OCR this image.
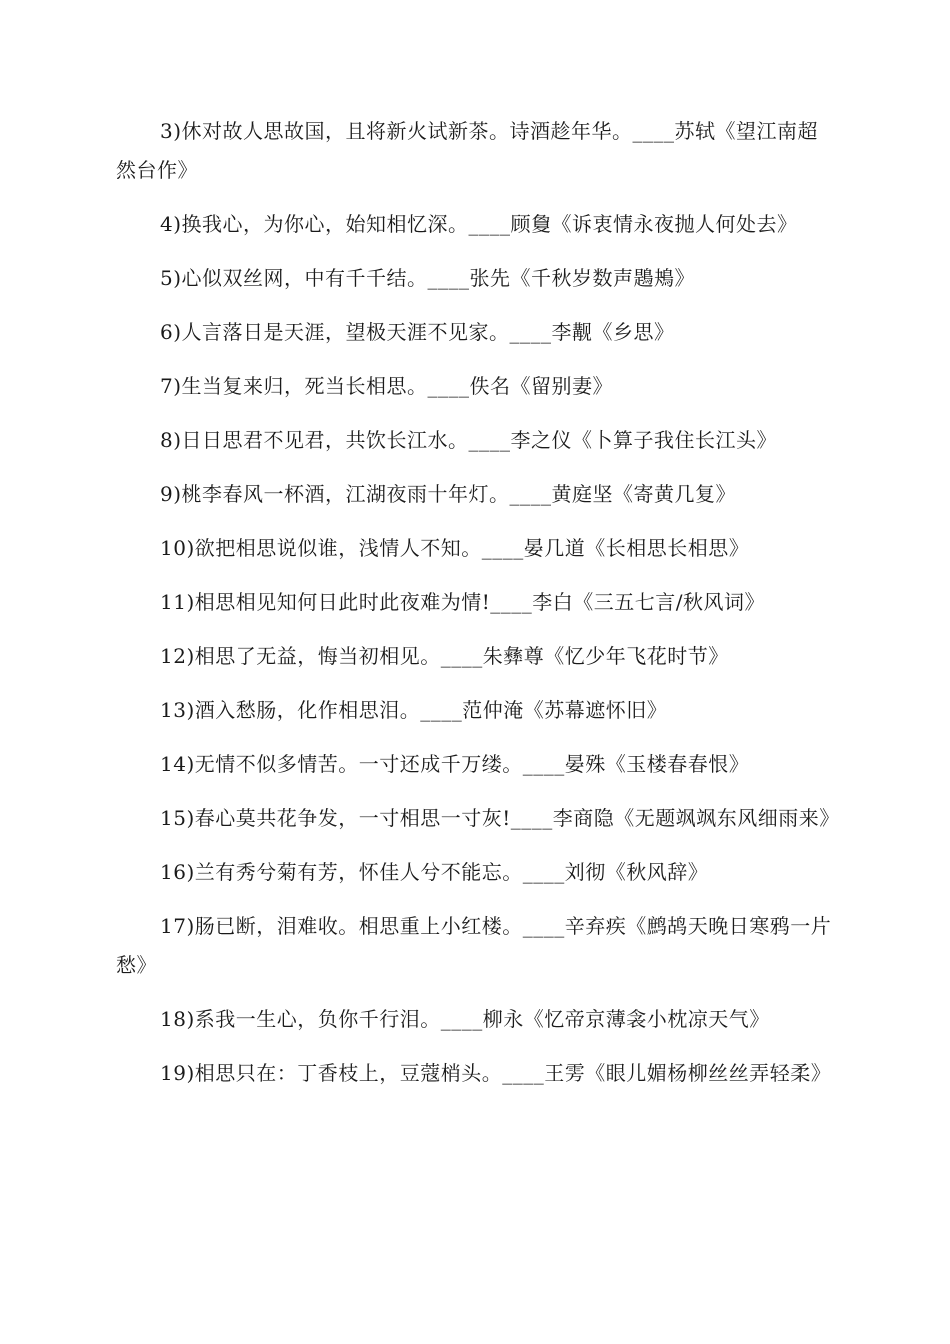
3)休对故人思故国，且将新火试新茶。诗酒趁年华。____苏轼《望江南超然台作》

4)换我心，为你心，始知相忆深。____顾敻《诉衷情永夜抛人何处去》

5)心似双丝网，中有千千结。____张先《千秋岁数声鶗鴂》

6)人言落日是天涯，望极天涯不见家。____李觏《乡思》

7)生当复来归，死当长相思。____佚名《留别妻》

8)日日思君不见君，共饮长江水。____李之仪《卜算子我住长江头》

9)桃李春风一杯酒，江湖夜雨十年灯。____黄庭坚《寄黄几复》

10)欲把相思说似谁，浅情人不知。____晏几道《长相思长相思》

11)相思相见知何日此时此夜难为情!____李白《三五七言/秋风词》

12)相思了无益，悔当初相见。____朱彝尊《忆少年飞花时节》

13)酒入愁肠，化作相思泪。____范仲淹《苏幕遮怀旧》

14)无情不似多情苦。一寸还成千万缕。____晏殊《玉楼春春恨》

15)春心莫共花争发，一寸相思一寸灰!____李商隐《无题飒飒东风细雨来》

16)兰有秀兮菊有芳，怀佳人兮不能忘。____刘彻《秋风辞》

17)肠已断，泪难收。相思重上小红楼。____辛弃疾《鹧鸪天晚日寒鸦一片愁》

18)系我一生心，负你千行泪。____柳永《忆帝京薄衾小枕凉天气》

19)相思只在：丁香枝上，豆蔻梢头。____王雱《眼儿媚杨柳丝丝弄轻柔》
